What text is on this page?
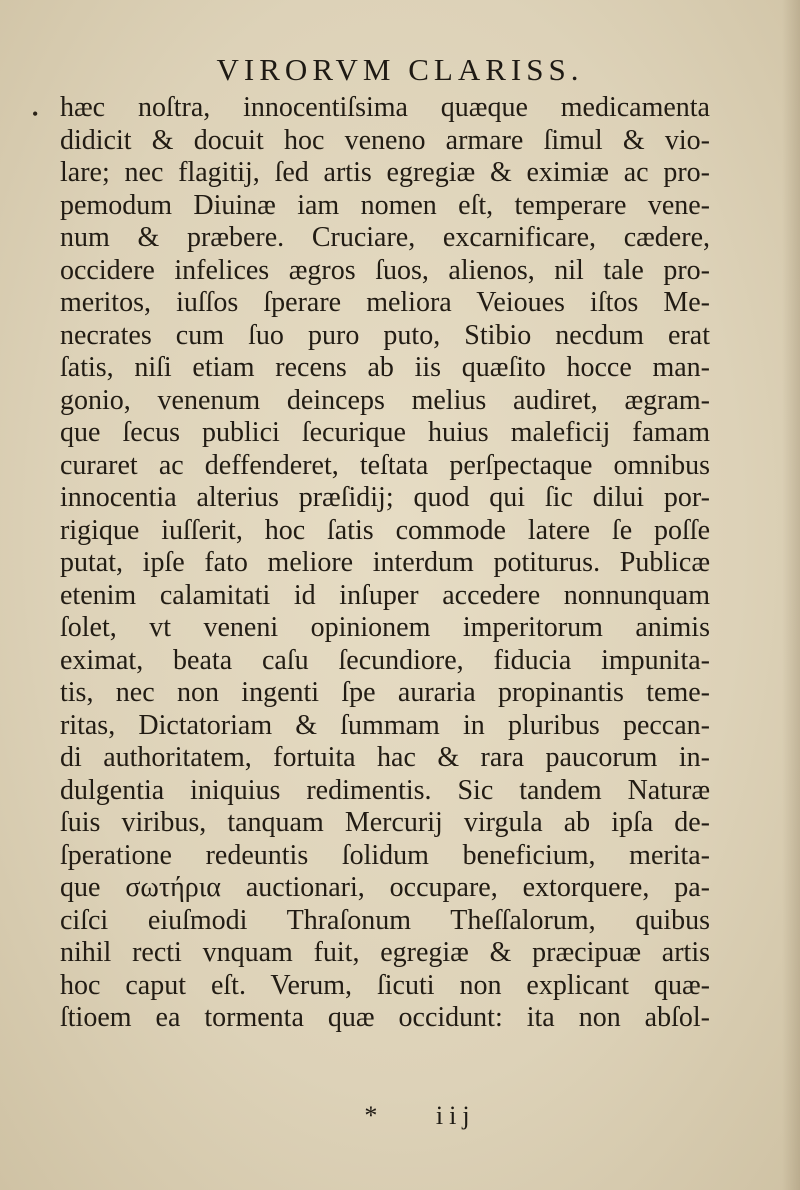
VIRORVM CLARISS.
• hæc noſtra, innocentiſsima quæque medicamenta
didicit & docuit hoc veneno armare ſimul & vio-
lare; nec flagitij, ſed artis egregiæ & eximiæ ac pro-
pemodum Diuinæ iam nomen eſt, temperare vene-
num & præbere. Cruciare, excarnificare, cædere,
occidere infelices ægros ſuos, alienos, nil tale pro-
meritos, iuſſos ſperare meliora Veioues iſtos Me-
necrates cum ſuo puro puto, Stibio necdum erat
ſatis, niſi etiam recens ab iis quæſito hocce man-
gonio, venenum deinceps melius audiret, ægram-
que ſecus publici ſecurique huius maleficij famam
curaret ac deffenderet, teſtata perſpectaque omnibus
innocentia alterius præſidij; quod qui ſic dilui por-
rigique iuſſerit, hoc ſatis commode latere ſe poſſe
putat, ipſe fato meliore interdum potiturus. Publicæ
etenim calamitati id inſuper accedere nonnunquam
ſolet, vt veneni opinionem imperitorum animis
eximat, beata caſu ſecundiore, fiducia impunita-
tis, nec non ingenti ſpe auraria propinantis teme-
ritas, Dictatoriam & ſummam in pluribus peccan-
di authoritatem, fortuita hac & rara paucorum in-
dulgentia iniquius redimentis. Sic tandem Naturæ
ſuis viribus, tanquam Mercurij virgula ab ipſa de-
ſperatione redeuntis ſolidum beneficium, merita-
que σωτήρια auctionari, occupare, extorquere, pa-
ciſci eiuſmodi Thraſonum Theſſalorum, quibus
nihil recti vnquam fuit, egregiæ & præcipuæ artis
hoc caput eſt. Verum, ſicuti non explicant quæ-
ſtioem ea tormenta quæ occidunt: ita non abſol-
* iij
